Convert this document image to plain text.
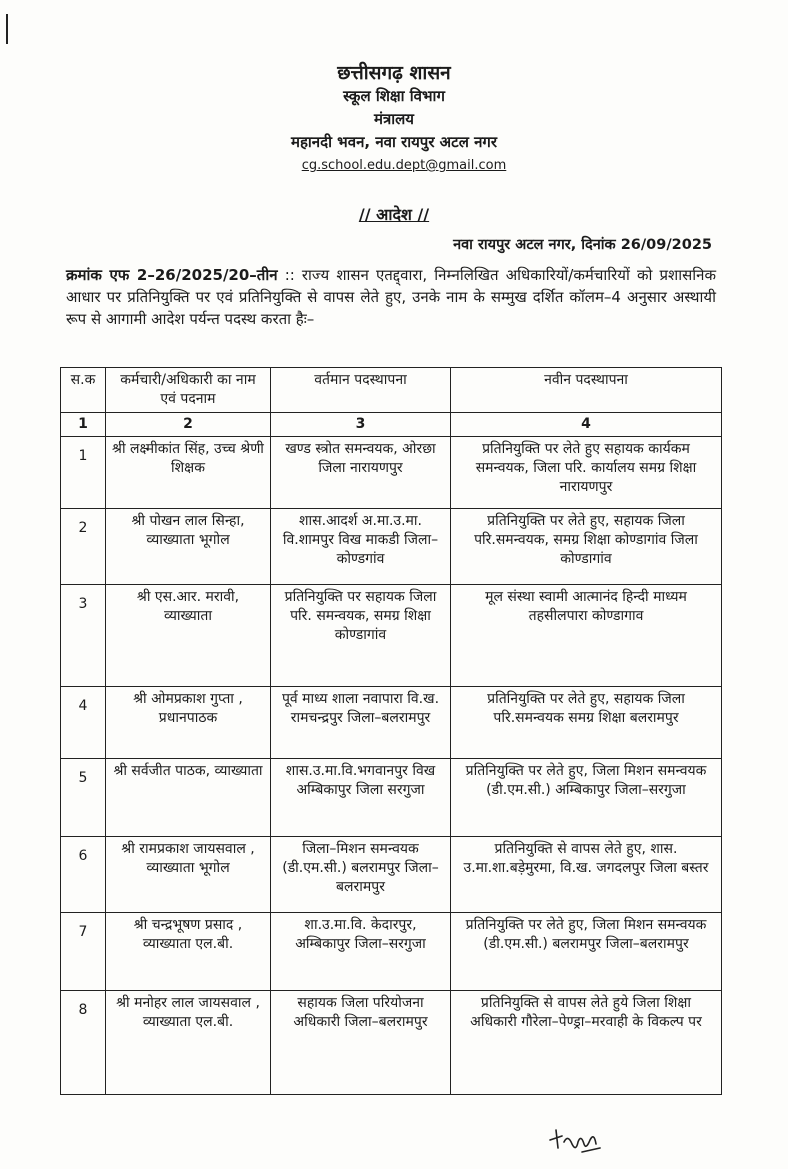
छत्तीसगढ़ शासन
स्कूल शिक्षा विभाग
मंत्रालय
महानदी भवन, नवा रायपुर अटल नगर
cg.school.edu.dept@gmail.com
// आदेश //
नवा रायपुर अटल नगर, दिनांक 26/09/2025
क्रमांक एफ 2–26/2025/20–तीन :: राज्य शासन एतद्द्वारा, निम्नलिखित अधिकारियों/कर्मचारियों को प्रशासनिक आधार पर प्रतिनियुक्ति पर एवं प्रतिनियुक्ति से वापस लेते हुए, उनके नाम के सम्मुख दर्शित कॉलम–4 अनुसार अस्थायी रूप से आगामी आदेश पर्यन्त पदस्थ करता हैः–
स.क	कर्मचारी/अधिकारी का नाम एवं पदनाम	वर्तमान पदस्थापना	नवीन पदस्थापना
1	2	3	4
1	श्री लक्ष्मीकांत सिंह, उच्च श्रेणी शिक्षक	खण्ड स्त्रोत समन्वयक, ओरछा जिला नारायणपुर	प्रतिनियुक्ति पर लेते हुए सहायक कार्यकम समन्वयक, जिला परि. कार्यालय समग्र शिक्षा नारायणपुर
2	श्री पोखन लाल सिन्हा, व्याख्याता भूगोल	शास.आदर्श अ.मा.उ.मा. वि.शामपुर विख माकडी जिला–कोण्डगांव	प्रतिनियुक्ति पर लेते हुए, सहायक जिला परि.समन्वयक, समग्र शिक्षा कोण्डागांव जिला कोण्डागांव
3	श्री एस.आर. मरावी, व्याख्याता	प्रतिनियुक्ति पर सहायक जिला परि. समन्वयक, समग्र शिक्षा कोण्डागांव	मूल संस्था स्वामी आत्मानंद हिन्दी माध्यम तहसीलपारा कोण्डागाव
4	श्री ओमप्रकाश गुप्ता , प्रधानपाठक	पूर्व माध्य शाला नवापारा वि.ख. रामचन्द्रपुर जिला–बलरामपुर	प्रतिनियुक्ति पर लेते हुए, सहायक जिला परि.समन्वयक समग्र शिक्षा बलरामपुर
5	श्री सर्वजीत पाठक, व्याख्याता	शास.उ.मा.वि.भगवानपुर विख अम्बिकापुर जिला सरगुजा	प्रतिनियुक्ति पर लेते हुए, जिला मिशन समन्वयक (डी.एम.सी.) अम्बिकापुर जिला–सरगुजा
6	श्री रामप्रकाश जायसवाल , व्याख्याता भूगोल	जिला–मिशन समन्वयक (डी.एम.सी.) बलरामपुर जिला–बलरामपुर	प्रतिनियुक्ति से वापस लेते हुए, शास. उ.मा.शा.बड़ेमुरमा, वि.ख. जगदलपुर जिला बस्तर
7	श्री चन्द्रभूषण प्रसाद , व्याख्याता एल.बी.	शा.उ.मा.वि. केदारपुर, अम्बिकापुर जिला–सरगुजा	प्रतिनियुक्ति पर लेते हुए, जिला मिशन समन्वयक (डी.एम.सी.) बलरामपुर जिला–बलरामपुर
8	श्री मनोहर लाल जायसवाल , व्याख्याता एल.बी.	सहायक जिला परियोजना अधिकारी जिला–बलरामपुर	प्रतिनियुक्ति से वापस लेते हुये जिला शिक्षा अधिकारी गौरेला–पेण्ड्रा–मरवाही के विकल्प पर
